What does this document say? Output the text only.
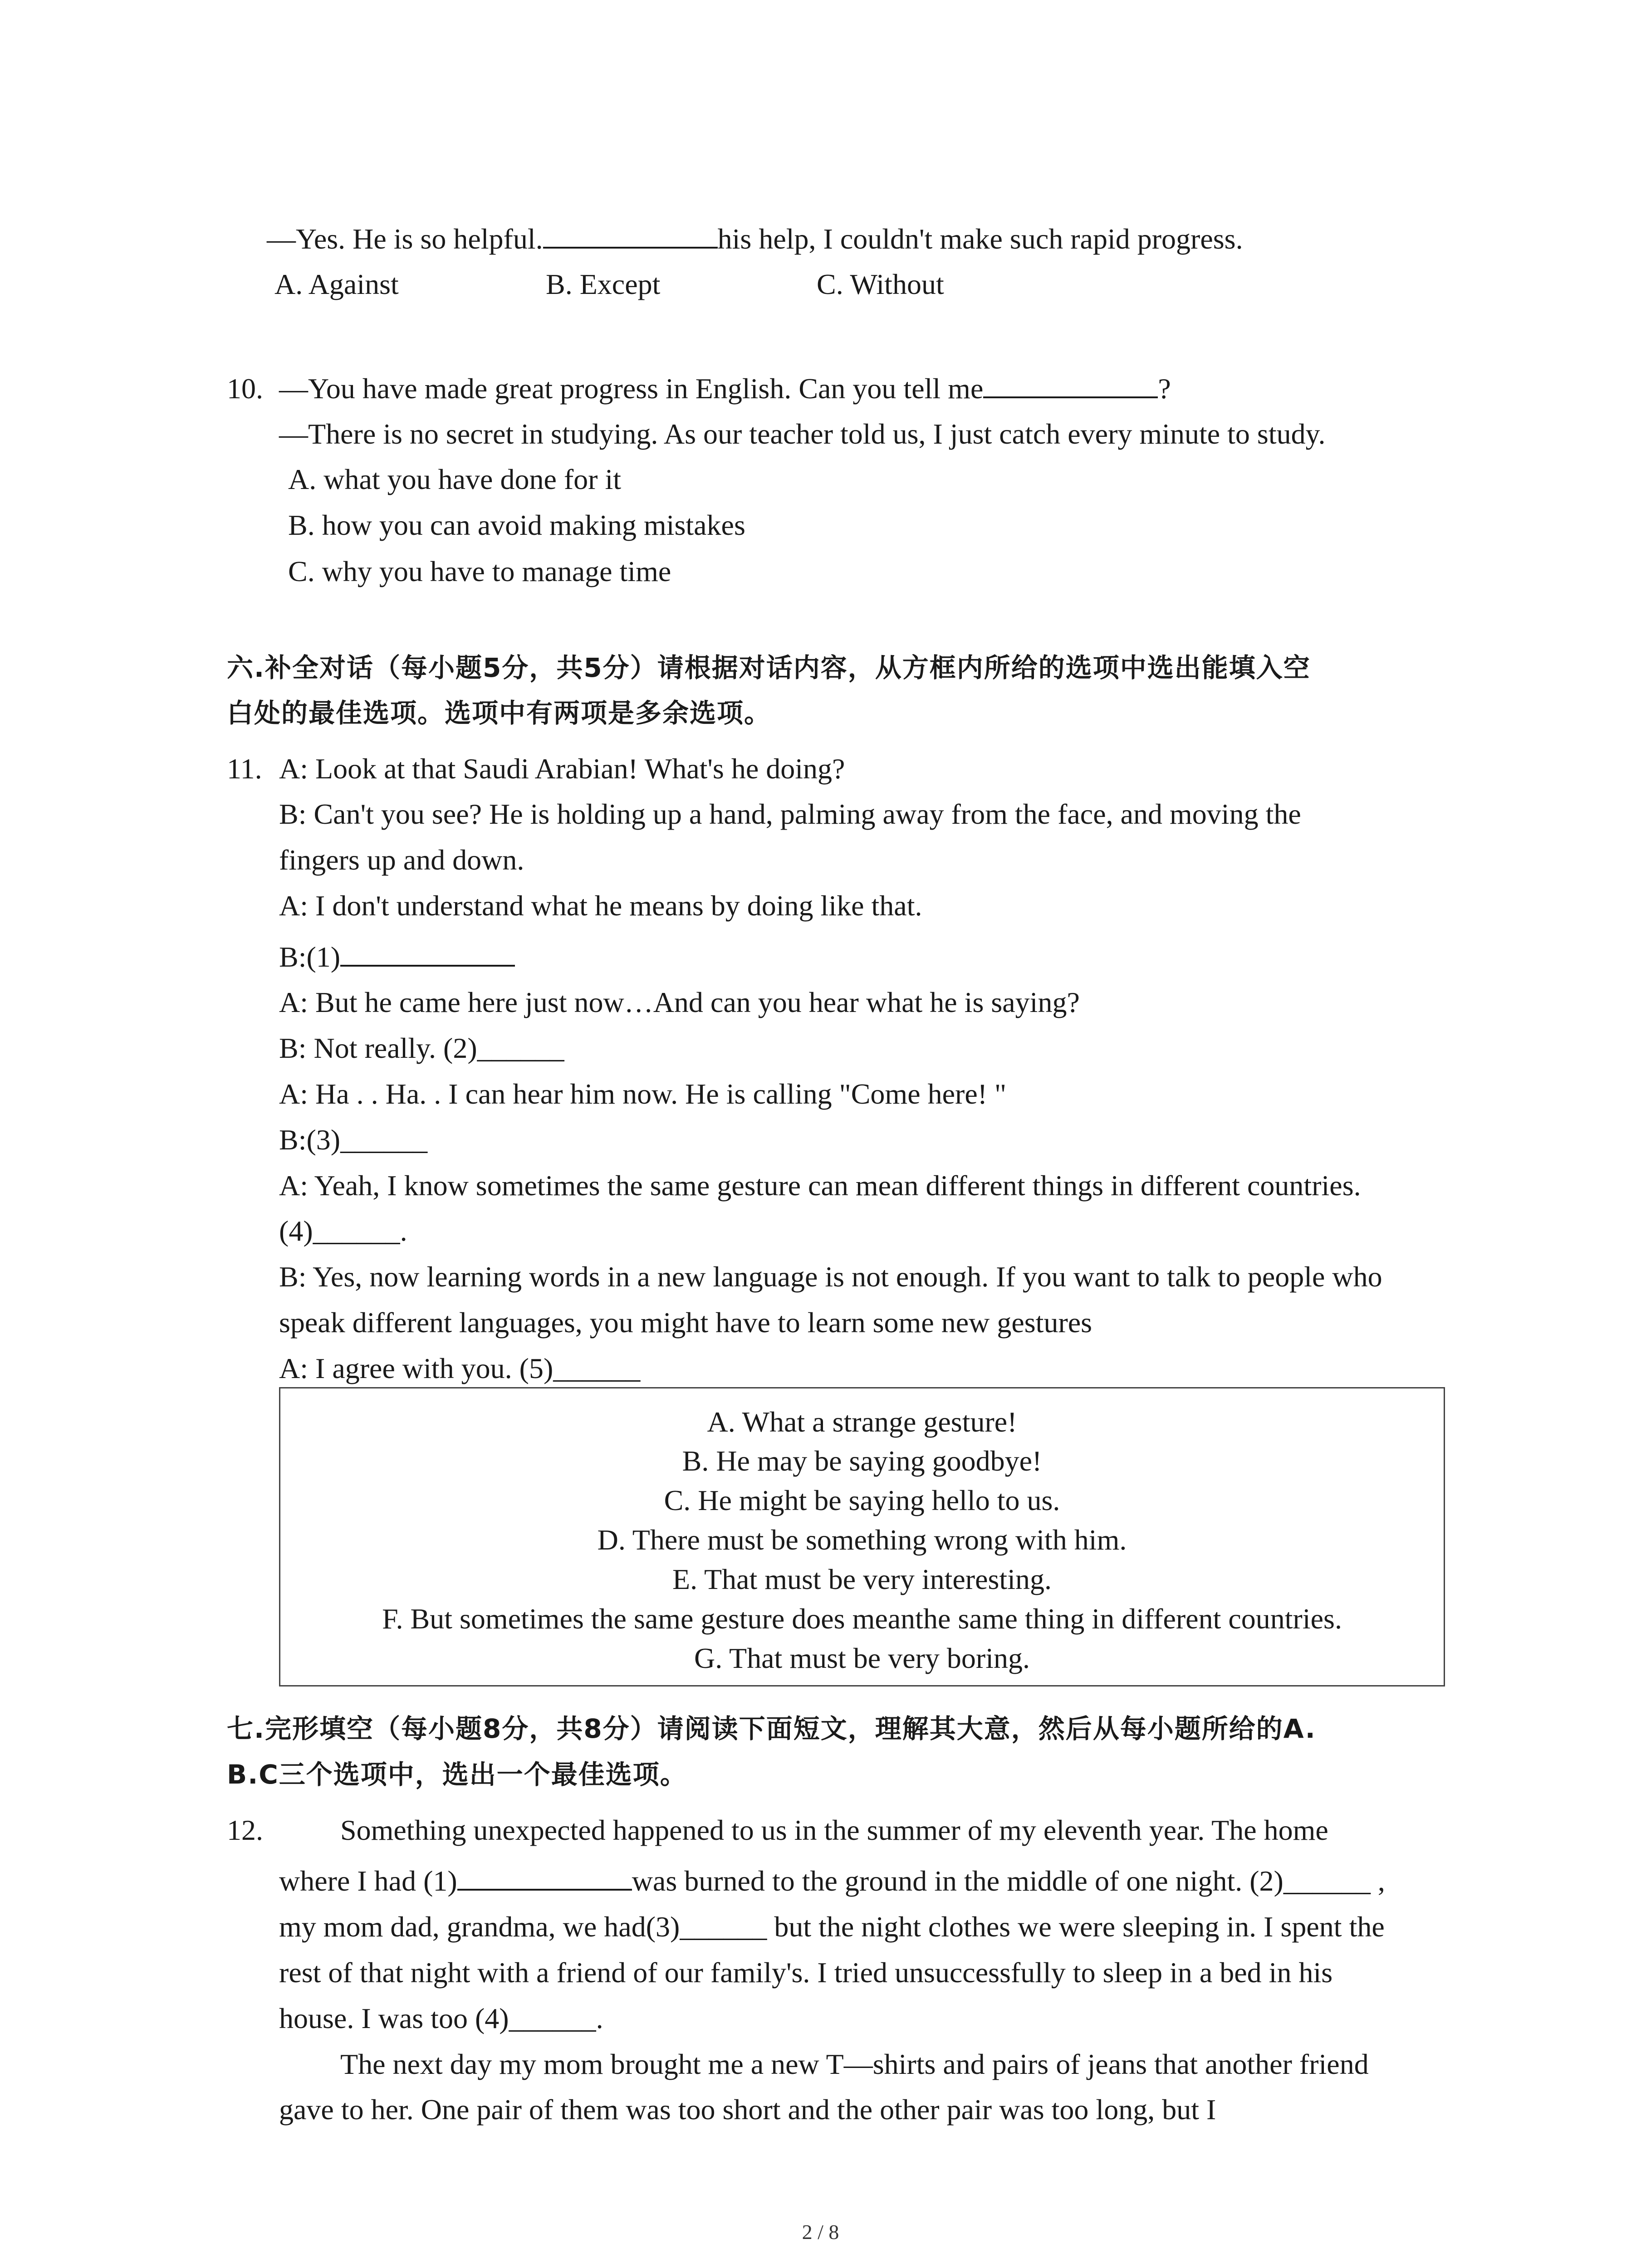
—Yes. He is so helpful.	his help, I couldn't make such rapid progress.
A. Against	B. Except	C. Without
10. —You have made great progress in English. Can you tell me	?
—There is no secret in studying. As our teacher told us, I just catch every minute to study.
A. what you have done for it
B. how you can avoid making mistakes
C. why you have to manage time
六.补全对话（每小题5分，共5分）请根据对话内容，从方框内所给的选项中选出能填入空
白处的最佳选项。选项中有两项是多余选项。
11. A: Look at that Saudi Arabian! What's he doing?
B: Can't you see? He is holding up a hand, palming away from the face, and moving the
fingers up and down.
A: I don't understand what he means by doing like that.
B:(1)
A: But he came here just now…And can you hear what he is saying?
B: Not really. (2)______
A: Ha . . Ha. . I can hear him now. He is calling "Come here! "
B:(3)______
A: Yeah, I know sometimes the same gesture can mean different things in different countries.
(4)______.
B: Yes, now learning words in a new language is not enough. If you want to talk to people who
speak different languages, you might have to learn some new gestures
A: I agree with you. (5)______
A. What a strange gesture!
B. He may be saying goodbye!
C. He might be saying hello to us.
D. There must be something wrong with him.
E. That must be very interesting.
F. But sometimes the same gesture does meanthe same thing in different countries.
G. That must be very boring.
七.完形填空（每小题8分，共8分）请阅读下面短文，理解其大意，然后从每小题所给的A.
B.C三个选项中，选出一个最佳选项。
12.	Something unexpected happened to us in the summer of my eleventh year. The home
where I had (1)	was burned to the ground in the middle of one night. (2)______ ,
my mom dad, grandma, we had(3)______ but the night clothes we were sleeping in. I spent the
rest of that night with a friend of our family's. I tried unsuccessfully to sleep in a bed in his
house. I was too (4)______.
The next day my mom brought me a new T—shirts and pairs of jeans that another friend
gave to her. One pair of them was too short and the other pair was too long, but I
2 / 8
